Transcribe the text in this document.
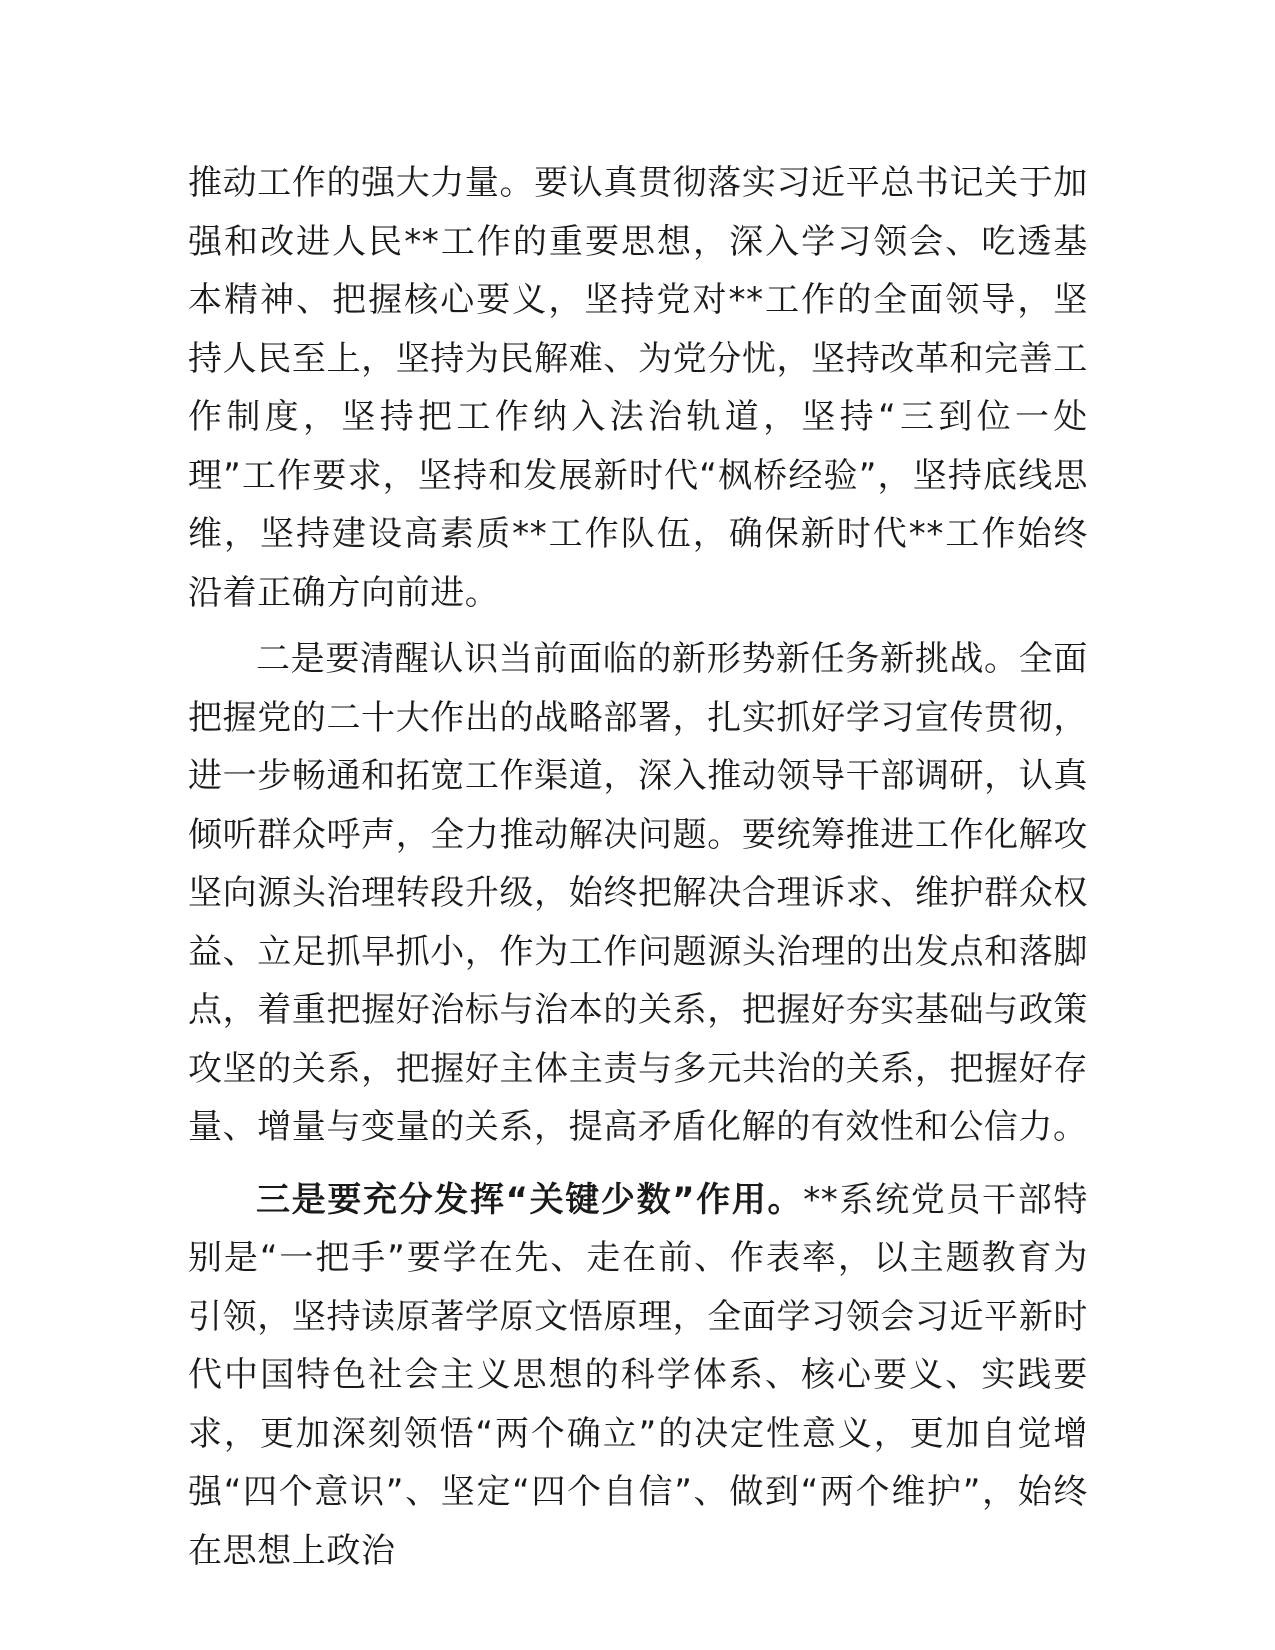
推动工作的强大力量。要认真贯彻落实习近平总书记关于加强和改进人民**工作的重要思想，深入学习领会、吃透基本精神、把握核心要义，坚持党对**工作的全面领导，坚持人民至上，坚持为民解难、为党分忧，坚持改革和完善工作制度，坚持把工作纳入法治轨道，坚持“三到位一处理”工作要求，坚持和发展新时代“枫桥经验”，坚持底线思维，坚持建设高素质**工作队伍，确保新时代**工作始终沿着正确方向前进。

二是要清醒认识当前面临的新形势新任务新挑战。全面把握党的二十大作出的战略部署，扎实抓好学习宣传贯彻，进一步畅通和拓宽工作渠道，深入推动领导干部调研，认真倾听群众呼声，全力推动解决问题。要统筹推进工作化解攻坚向源头治理转段升级，始终把解决合理诉求、维护群众权益、立足抓早抓小，作为工作问题源头治理的出发点和落脚点，着重把握好治标与治本的关系，把握好夯实基础与政策攻坚的关系，把握好主体主责与多元共治的关系，把握好存量、增量与变量的关系，提高矛盾化解的有效性和公信力。

三是要充分发挥“关键少数”作用。**系统党员干部特别是“一把手”要学在先、走在前、作表率，以主题教育为引领，坚持读原著学原文悟原理，全面学习领会习近平新时代中国特色社会主义思想的科学体系、核心要义、实践要求，更加深刻领悟“两个确立”的决定性意义，更加自觉增强“四个意识”、坚定“四个自信”、做到“两个维护”，始终在思想上政治
